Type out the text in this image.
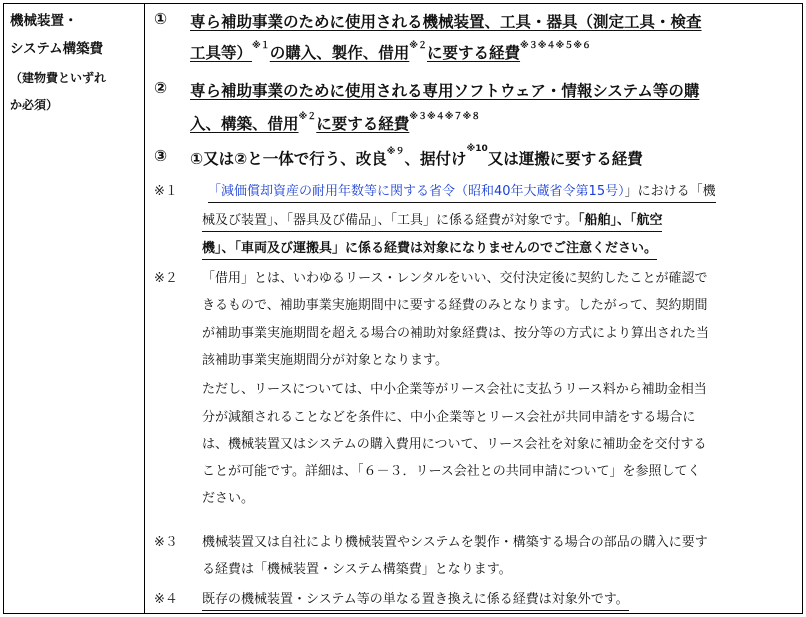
機械装置・
システム構築費
（建物費といずれ
か必須）
①	専ら補助事業のために使用される機械装置、工具・器具（測定工具・検査
工具等）$^{※1}$の購入、製作、借用$^{※2}$に要する経費$^{※3※4※5※6}$
②	専ら補助事業のために使用される専用ソフトウェア・情報システム等の購
入、構築、借用$^{※2}$に要する経費$^{※3※4※7※8}$
③	①又は②と一体で行う、改良$^{※9}$、据付け$^{※10}$又は運搬に要する経費
※１	「減価償却資産の耐用年数等に関する省令（昭和40年大蔵省令第15号）」における「機
械及び装置」、「器具及び備品」、「工具」に係る経費が対象です。「船舶」、「航空
機」、「車両及び運搬具」に係る経費は対象になりませんのでご注意ください。
※２	「借用」とは、いわゆるリース・レンタルをいい、交付決定後に契約したことが確認で
きるもので、補助事業実施期間中に要する経費のみとなります。したがって、契約期間
が補助事業実施期間を超える場合の補助対象経費は、按分等の方式により算出された当
該補助事業実施期間分が対象となります。
ただし、リースについては、中小企業等がリース会社に支払うリース料から補助金相当
分が減額されることなどを条件に、中小企業等とリース会社が共同申請をする場合に
は、機械装置又はシステムの購入費用について、リース会社を対象に補助金を交付する
ことが可能です。詳細は、「６－３．リース会社との共同申請について」を参照してく
ださい。
※３	機械装置又は自社により機械装置やシステムを製作・構築する場合の部品の購入に要す
る経費は「機械装置・システム構築費」となります。
※４	既存の機械装置・システム等の単なる置き換えに係る経費は対象外です。
